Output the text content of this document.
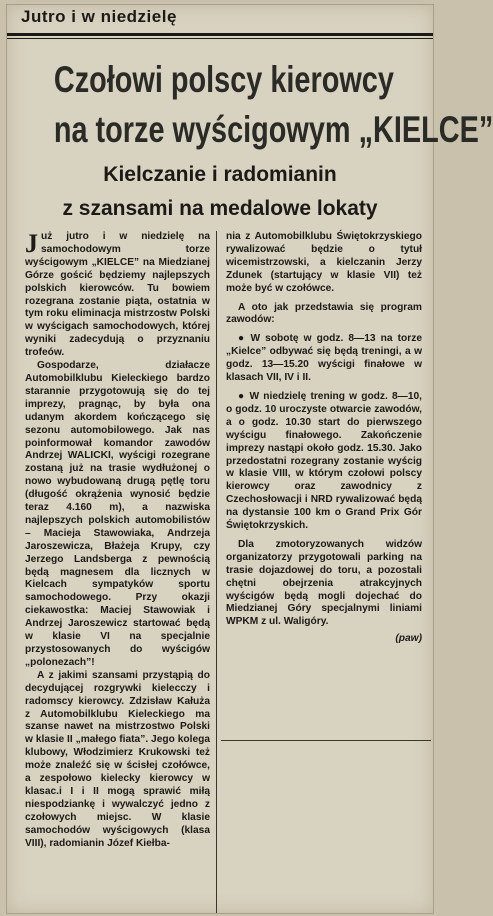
Jutro i w niedzielę
Czołowi polscy kierowcy
na torze wyścigowym „KIELCE”
Kielczanie i radomianin
z szansami na medalowe lokaty

Już jutro i w niedzielę na samochodowym torze wyścigowym „KIELCE” na Miedzianej Górze gościć będziemy najlepszych polskich kierowców. Tu bowiem rozegrana zostanie piąta, ostatnia w tym roku eliminacja mistrzostw Polski w wyścigach samochodowych, której wyniki zadecydują o przyznaniu trofeów.

Gospodarze, działacze Automobilklubu Kieleckiego bardzo starannie przygotowują się do tej imprezy, pragnąc, by była ona udanym akordem kończącego się sezonu automobilowego. Jak nas poinformował komandor zawodów Andrzej WALICKI, wyścigi rozegrane zostaną już na trasie wydłużonej o nowo wybudowaną drugą pętlę toru (długość okrążenia wynosić będzie teraz 4.160 m), a nazwiska najlepszych polskich automobilistów – Macieja Stawowiaka, Andrzeja Jaroszewicza, Błażeja Krupy, czy Jerzego Landsberga z pewnością będą magnesem dla licznych w Kielcach sympatyków sportu samochodowego. Przy okazji ciekawostka: Maciej Stawowiak i Andrzej Jaroszewicz startować będą w klasie VI na specjalnie przystosowanych do wyścigów „polonezach”!

A z jakimi szansami przystąpią do decydującej rozgrywki kielecczy i radomscy kierowcy. Zdzisław Kałuża z Automobilklubu Kieleckiego ma szanse nawet na mistrzostwo Polski w klasie II „małego fiata”. Jego kolega klubowy, Włodzimierz Krukowski też może znaleźć się w ścisłej czołówce, a zespołowo kielecky kierowcy w klasac.i I i II mogą sprawić miłą niespodziankę i wywalczyć jedno z czołowych miejsc. W klasie samochodów wyścigowych (klasa VIII), radomianin Józef Kiełba-

nia z Automobilklubu Świętokrzyskiego rywalizować będzie o tytuł wicemistrzowski, a kielczanin Jerzy Zdunek (startujący w klasie VII) też może być w czołówce.

A oto jak przedstawia się program zawodów:

● W sobotę w godz. 8—13 na torze „Kielce” odbywać się będą treningi, a w godz. 13—15.20 wyścigi finałowe w klasach VII, IV i II.

● W niedzielę trening w godz. 8—10, o godz. 10 uroczyste otwarcie zawodów, a o godz. 10.30 start do pierwszego wyścigu finałowego. Zakończenie imprezy nastąpi około godz. 15.30. Jako przedostatni rozegrany zostanie wyścig w klasie VIII, w którym czołowi polscy kierowcy oraz zawodnicy z Czechosłowacji i NRD rywalizować będą na dystansie 100 km o Grand Prix Gór Świętokrzyskich.

Dla zmotoryzowanych widzów organizatorzy przygotowali parking na trasie dojazdowej do toru, a pozostali chętni obejrzenia atrakcyjnych wyścigów będą mogli dojechać do Miedzianej Góry specjalnymi liniami WPKM z ul. Waligóry.

(paw)
